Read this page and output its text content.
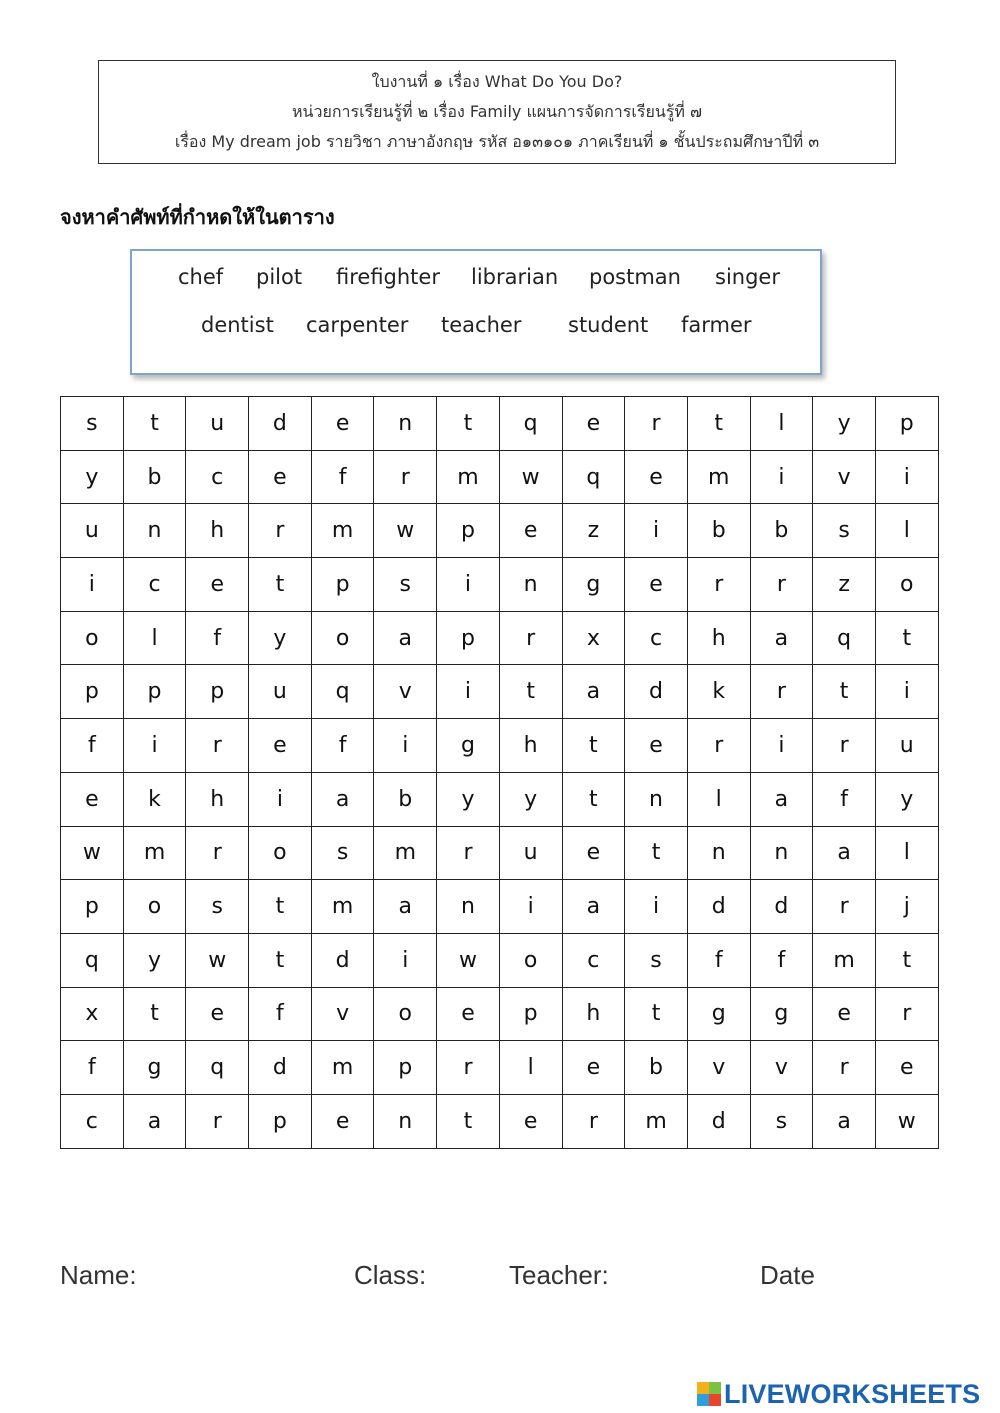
ใบงานที่ ๑ เรื่อง What Do You Do?
หน่วยการเรียนรู้ที่ ๒ เรื่อง Family แผนการจัดการเรียนรู้ที่ ๗
เรื่อง My dream job รายวิชา ภาษาอังกฤษ รหัส อ๑๓๑๐๑ ภาคเรียนที่ ๑ ชั้นประถมศึกษาปีที่ ๓
จงหาคำศัพท์ที่กำหดให้ในตาราง
chef pilot firefighter librarian postman singer
dentist carpenter teacher student farmer
s	t	u	d	e	n	t	q	e	r	t	l	y	p
y	b	c	e	f	r	m	w	q	e	m	i	v	i
u	n	h	r	m	w	p	e	z	i	b	b	s	l
i	c	e	t	p	s	i	n	g	e	r	r	z	o
o	l	f	y	o	a	p	r	x	c	h	a	q	t
p	p	p	u	q	v	i	t	a	d	k	r	t	i
f	i	r	e	f	i	g	h	t	e	r	i	r	u
e	k	h	i	a	b	y	y	t	n	l	a	f	y
w	m	r	o	s	m	r	u	e	t	n	n	a	l
p	o	s	t	m	a	n	i	a	i	d	d	r	j
q	y	w	t	d	i	w	o	c	s	f	f	m	t
x	t	e	f	v	o	e	p	h	t	g	g	e	r
f	g	q	d	m	p	r	l	e	b	v	v	r	e
c	a	r	p	e	n	t	e	r	m	d	s	a	w
Name:	Class:	Teacher:	Date
LIVEWORKSHEETS
